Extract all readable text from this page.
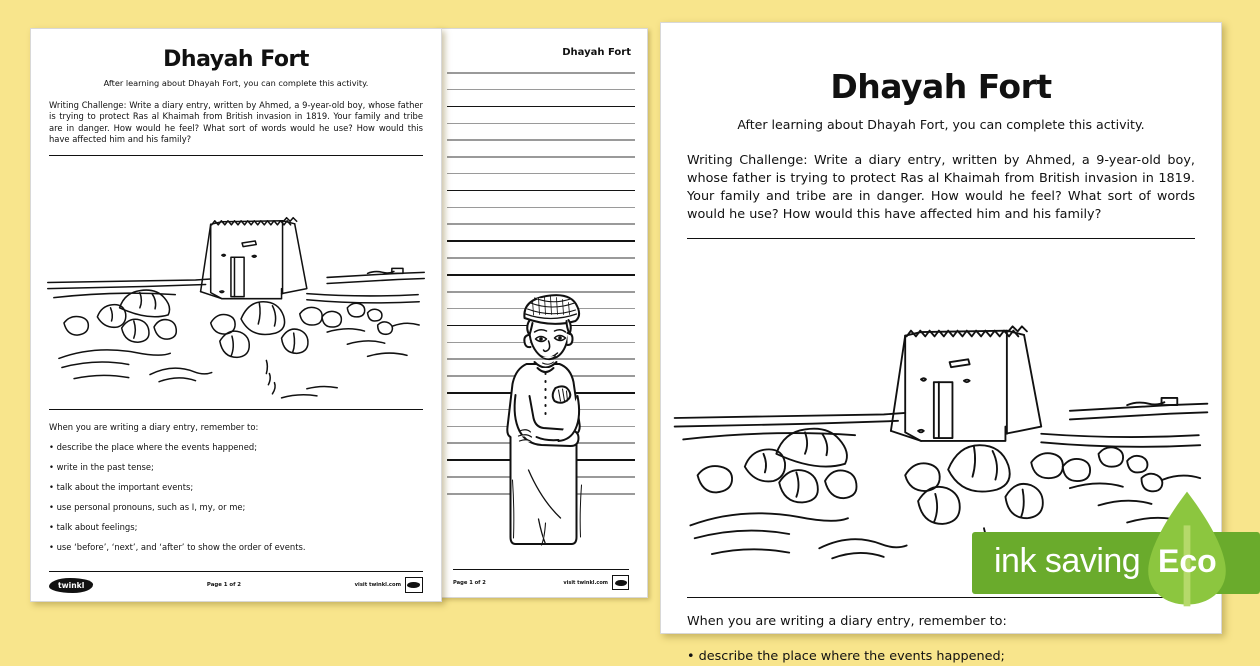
Dhayah Fort
Page 1 of 2	visit twinkl.com
Dhayah Fort
After learning about Dhayah Fort, you can complete this activity.
Writing Challenge: Write a diary entry, written by Ahmed, a 9-year-old boy, whose father is trying to protect Ras al Khaimah from British invasion in 1819. Your family and tribe are in danger. How would he feel? What sort of words would he use? How would this have affected him and his family?
When you are writing a diary entry, remember to:
• describe the place where the events happened;
• write in the past tense;
• talk about the important events;
• use personal pronouns, such as I, my, or me;
• talk about feelings;
• use ‘before’, ‘next’, and ‘after’ to show the order of events.
twinkl	Page 1 of 2	visit twinkl.com
Dhayah Fort
After learning about Dhayah Fort, you can complete this activity.
Writing Challenge: Write a diary entry, written by Ahmed, a 9-year-old boy, whose father is trying to protect Ras al Khaimah from British invasion in 1819. Your family and tribe are in danger. How would he feel? What sort of words would he use? How would this have affected him and his family?
When you are writing a diary entry, remember to:
• describe the place where the events happened;
ink saving Eco
